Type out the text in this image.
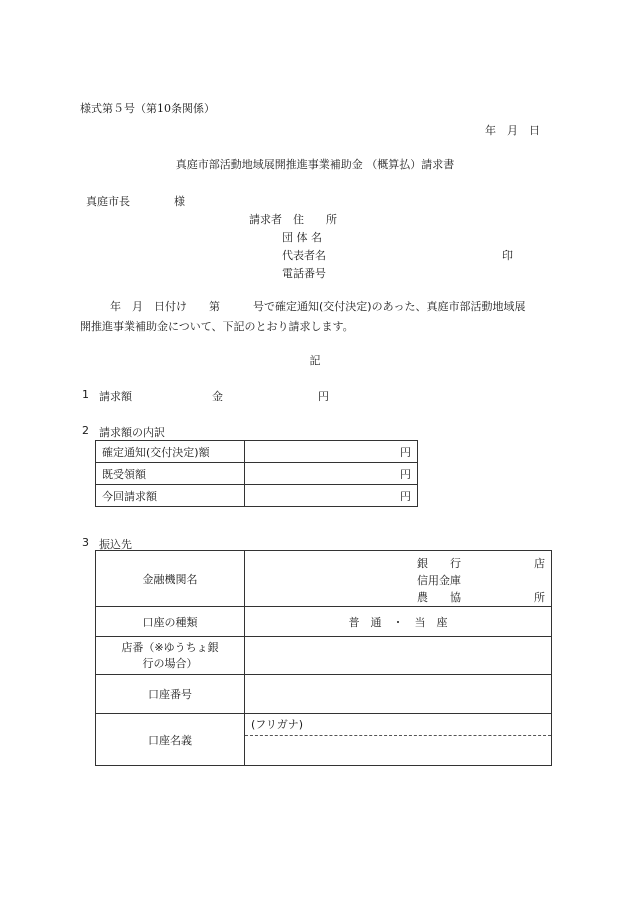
様式第５号（第10条関係）
年　月　日
真庭市部活動地域展開推進事業補助金 （概算払）請求書
真庭市長　　　　様
請求者 住　　所
団 体 名
代表者名	印
電話番号
年　月　日付け　　第　　　号で確定通知(交付決定)のあった、真庭市部活動地域展
開推進事業補助金について、下記のとおり請求します。
記
1 請求額	金	円
2 請求額の内訳
確定通知(交付決定)額	円
既受領額	円
今回請求額	円
3 振込先
金融機関名	銀　　行 店
信用金庫
農　　協 所

口座の種類	普　通　・　当　座
店番（※ゆうちょ銀
行の場合）	

口座番号	

口座名義	(フリガナ)
